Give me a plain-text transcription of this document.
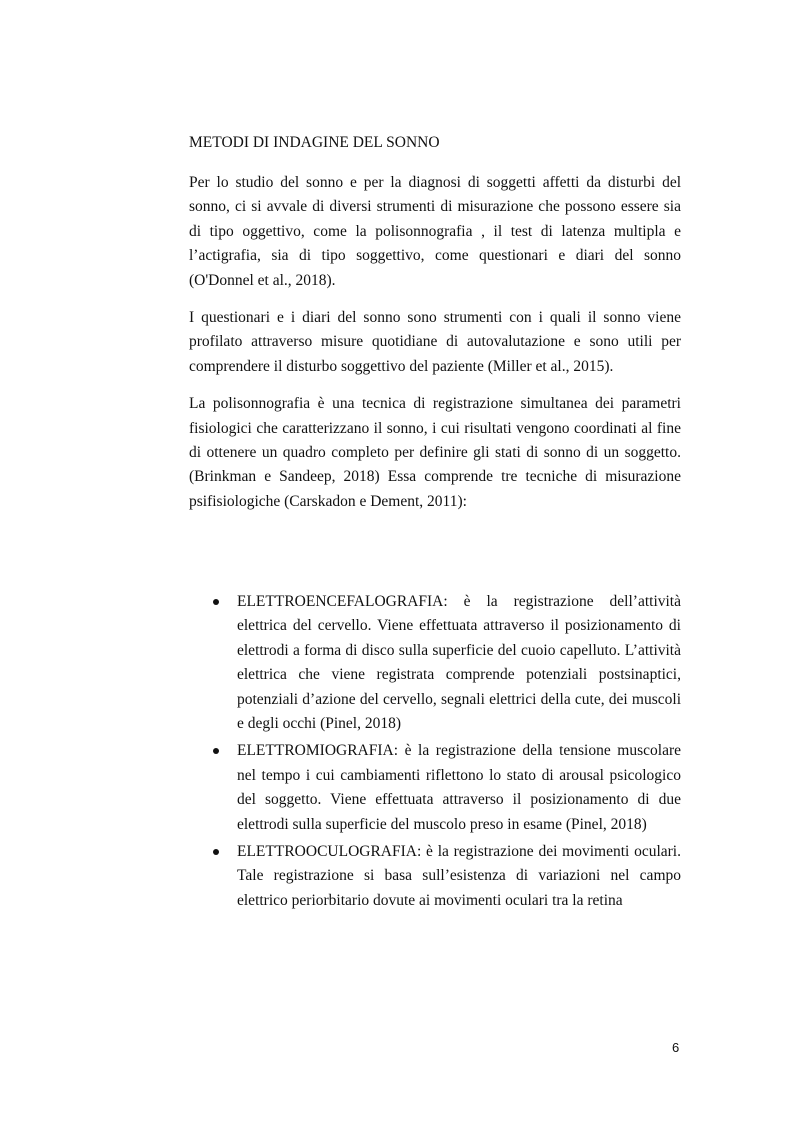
METODI DI INDAGINE DEL SONNO

Per lo studio del sonno e per la diagnosi di soggetti affetti da disturbi del sonno, ci si avvale di diversi strumenti di misurazione che possono essere sia di tipo oggettivo, come la polisonnografia , il test di latenza multipla e l’actigrafia, sia di tipo soggettivo, come questionari e diari del sonno (O'Donnel et al., 2018).

I questionari e i diari del sonno sono strumenti con i quali il sonno viene profilato attraverso misure quotidiane di autovalutazione e sono utili per comprendere il disturbo soggettivo del paziente (Miller et al., 2015).

La polisonnografia è una tecnica di registrazione simultanea dei parametri fisiologici che caratterizzano il sonno, i cui risultati vengono coordinati al fine di ottenere un quadro completo per definire gli stati di sonno di un soggetto. (Brinkman e Sandeep, 2018) Essa comprende tre tecniche di misurazione psifisiologiche (Carskadon e Dement, 2011):

ELETTROENCEFALOGRAFIA: è la registrazione dell’attività elettrica del cervello. Viene effettuata attraverso il posizionamento di elettrodi a forma di disco sulla superficie del cuoio capelluto. L’attività elettrica che viene registrata comprende potenziali postsinaptici, potenziali d’azione del cervello, segnali elettrici della cute, dei muscoli e degli occhi (Pinel, 2018)
ELETTROMIOGRAFIA: è la registrazione della tensione muscolare nel tempo i cui cambiamenti riflettono lo stato di arousal psicologico del soggetto. Viene effettuata attraverso il posizionamento di due elettrodi sulla superficie del muscolo preso in esame (Pinel, 2018)
ELETTROOCULOGRAFIA: è la registrazione dei movimenti oculari. Tale registrazione si basa sull’esistenza di variazioni nel campo elettrico periorbitario dovute ai movimenti oculari tra la retina
6
